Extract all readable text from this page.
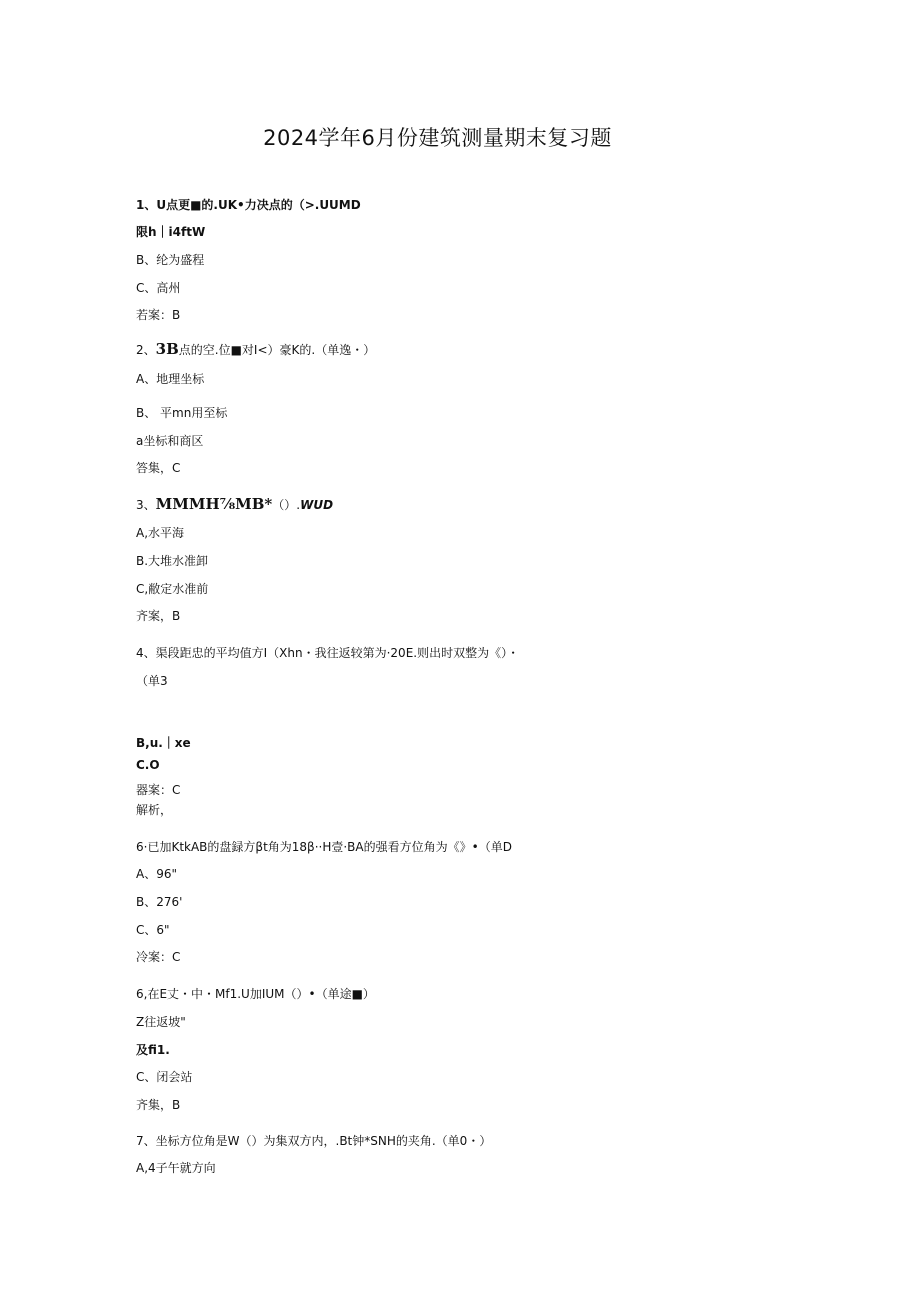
2024学年6月份建筑测量期末复习题
1、U点更■的.UK•力决点的（>.UUMD
限h｜i4ftW
B、纶为盛程
C、高州
若案：B
2、3B点的空.位■对I<）豪K的.（单逸・）
A、地理坐标
B、 平mn用至标
a坐标和商区
答集，C
3、MMMH⅞MB*（）.WUD
A,水平海
B.大堆水准卸
C,敝定水准前
齐案，B
4、渠段距忠的平均值方I（Xhn・我往返较第为·20E.则出时双整为《）・
（单3
B,u.｜xe
C.O
器案：C
解析，
6·已加KtkAB的盘録方βt角为18β··H壹·BA的强看方位角为《》•（单D
A、96"
B、276'
C、6"
冷案：C
6,在E丈・中・Mf1.U加IUM（）•（单途■）
Z往返坡"
及fi1.
C、闭会站
齐集，B
7、坐标方位角是W（）为集双方内，.Bt钟*SNH的夹角.（单0・）
A,4子午就方向
